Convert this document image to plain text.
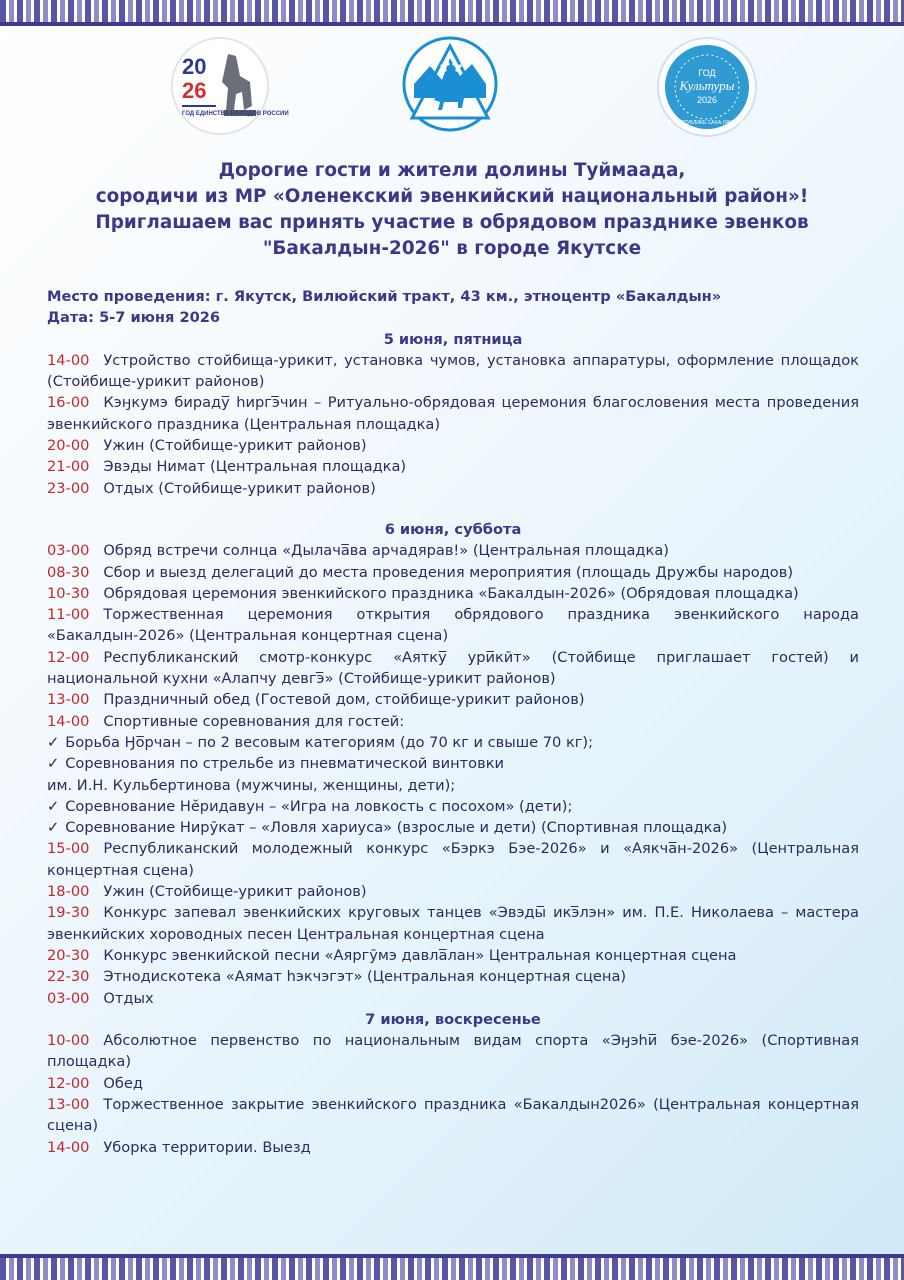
20
26
ГОД ЕДИНСТВА НАРОДОВ РОССИИ
ГОД
Культуры
2026
В РЕСПУБЛИКЕ САХА (ЯКУТИЯ)
Дорогие гости и жители долины Туймаада,
сородичи из МР «Оленекский эвенкийский национальный район»!
Приглашаем вас принять участие в обрядовом празднике эвенков
"Бакалдын-2026" в городе Якутске
Место проведения: г. Якутск, Вилюйский тракт, 43 км., этноцентр «Бакалдын»
Дата: 5-7 июня 2026
5 июня, пятница
14-00 Устройство стойбища-урикит, установка чумов, установка аппаратуры, оформление площадок (Стойбище-урикит районов)
16-00 Кэӈкумэ бираду̅ һиргэ̅чин – Ритуально-обрядовая церемония благословения места проведения эвенкийского праздника (Центральная площадка)
20-00 Ужин (Стойбище-урикит районов)
21-00 Эвэды Нимат (Центральная площадка)
23-00 Отдых (Стойбище-урикит районов)
6 июня, суббота
03-00 Обряд встречи солнца «Дылача̅ва арчадярав!» (Центральная площадка)
08-30 Сбор и выезд делегаций до места проведения мероприятия (площадь Дружбы народов)
10-30 Обрядовая церемония эвенкийского праздника «Бакалдын-2026» (Обрядовая площадка)
11-00 Торжественная церемония открытия обрядового праздника эвенкийского народа «Бакалдын-2026» (Центральная концертная сцена)
12-00 Республиканский смотр-конкурс «Аятку̅ ури̅кӣт» (Стойбище приглашает гостей) и национальной кухни «Алапчу девгэ̅» (Стойбище-урикит районов)
13-00 Праздничный обед (Гостевой дом, стойбище-урикит районов)
14-00 Спортивные соревнования для гостей:
✓ Борьба Ӈо̅рчан – по 2 весовым категориям (до 70 кг и свыше 70 кг);
✓ Соревнования по стрельбе из пневматической винтовки
им. И.Н. Кульбертинова (мужчины, женщины, дети);
✓ Соревнование Нӗридавун – «Игра на ловкость с посохом» (дети);
✓ Соревнование Нирӯкат – «Ловля хариуса» (взрослые и дети) (Спортивная площадка)
15-00 Республиканский молодежный конкурс «Бэркэ Бэе-2026» и «Аякча̅н-2026» (Центральная концертная сцена)
18-00 Ужин (Стойбище-урикит районов)
19-30 Конкурс запевал эвенкийских круговых танцев «Эвэды̅ икэ̅лэн» им. П.Е. Николаева – мастера эвенкийских хороводных песен Центральная концертная сцена
20-30 Конкурс эвенкийской песни «Аяргӯмэ давла̅лан» Центральная концертная сцена
22-30 Этнодискотека «Аямат һэкчэгэт» (Центральная концертная сцена)
03-00 Отдых
7 июня, воскресенье
10-00 Абсолютное первенство по национальным видам спорта «Эӈэһи̅ бэе-2026» (Спортивная площадка)
12-00 Обед
13-00 Торжественное закрытие эвенкийского праздника «Бакалдын2026» (Центральная концертная сцена)
14-00 Уборка территории. Выезд
